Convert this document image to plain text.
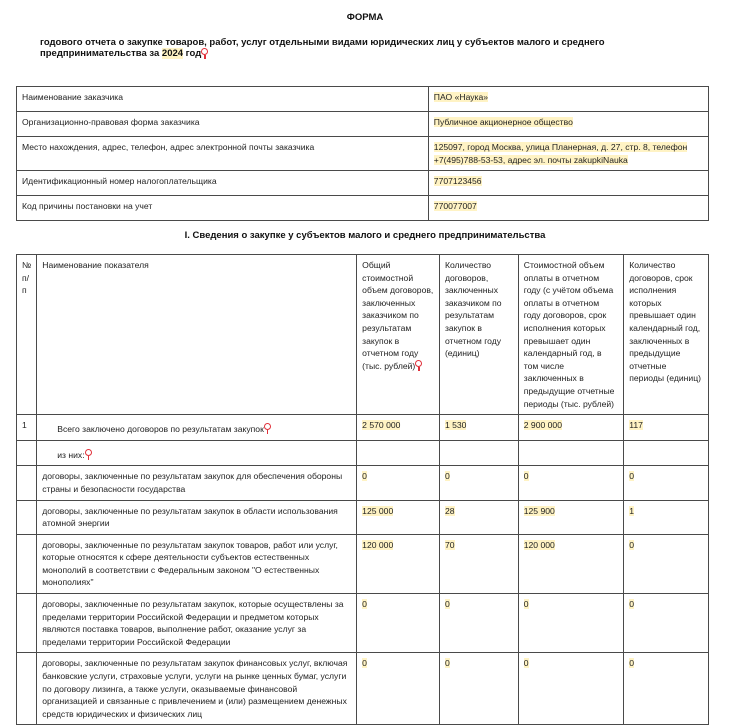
ФОРМА
годового отчета о закупке товаров, работ, услуг отдельными видами юридических лиц у субъектов малого и среднего предпринимательства за 2024 год
Наименование заказчика	ПАО «Наука»
Организационно-правовая форма заказчика	Публичное акционерное общество
Место нахождения, адрес, телефон, адрес электронной почты заказчика	125097, город Москва, улица Планерная, д. 27, стр. 8, телефон +7(495)788-53-53, адрес эл. почты zakupkiNauka
Идентификационный номер налогоплательщика	7707123456
Код причины постановки на учет	770077007
I. Сведения о закупке у субъектов малого и среднего предпринимательства
№ п/п	Наименование показателя	Общий стоимостной объем договоров, заключенных заказчиком по результатам закупок в отчетном году (тыс. рублей)	Количество договоров, заключенных заказчиком по результатам закупок в отчетном году (единиц)	Стоимостной объем оплаты в отчетном году (с учётом объема оплаты в отчетном году договоров, срок исполнения которых превышает один календарный год, в том числе заключенных в предыдущие отчетные периоды (тыс. рублей)	Количество договоров, срок исполнения которых превышает один календарный год, заключенных в предыдущие отчетные периоды (единиц)
1	Всего заключено договоров по результатам закупок	2 570 000	1 530	2 900 000	117
	из них:				
	договоры, заключенные по результатам закупок для обеспечения обороны страны и безопасности государства	0	0	0	0
	договоры, заключенные по результатам закупок в области использования атомной энергии	125 000	28	125 900	1
	договоры, заключенные по результатам закупок товаров, работ или услуг, которые относятся к сфере деятельности субъектов естественных монополий в соответствии с Федеральным законом "О естественных монополиях"	120 000	70	120 000	0
	договоры, заключенные по результатам закупок, которые осуществлены за пределами территории Российской Федерации и предметом которых являются поставка товаров, выполнение работ, оказание услуг за пределами территории Российской Федерации	0	0	0	0
	договоры, заключенные по результатам закупок финансовых услуг, включая банковские услуги, страховые услуги, услуги на рынке ценных бумаг, услуги по договору лизинга, а также услуги, оказываемые финансовой организацией и связанные с привлечением и (или) размещением денежных средств юридических и физических лиц	0	0	0	0
